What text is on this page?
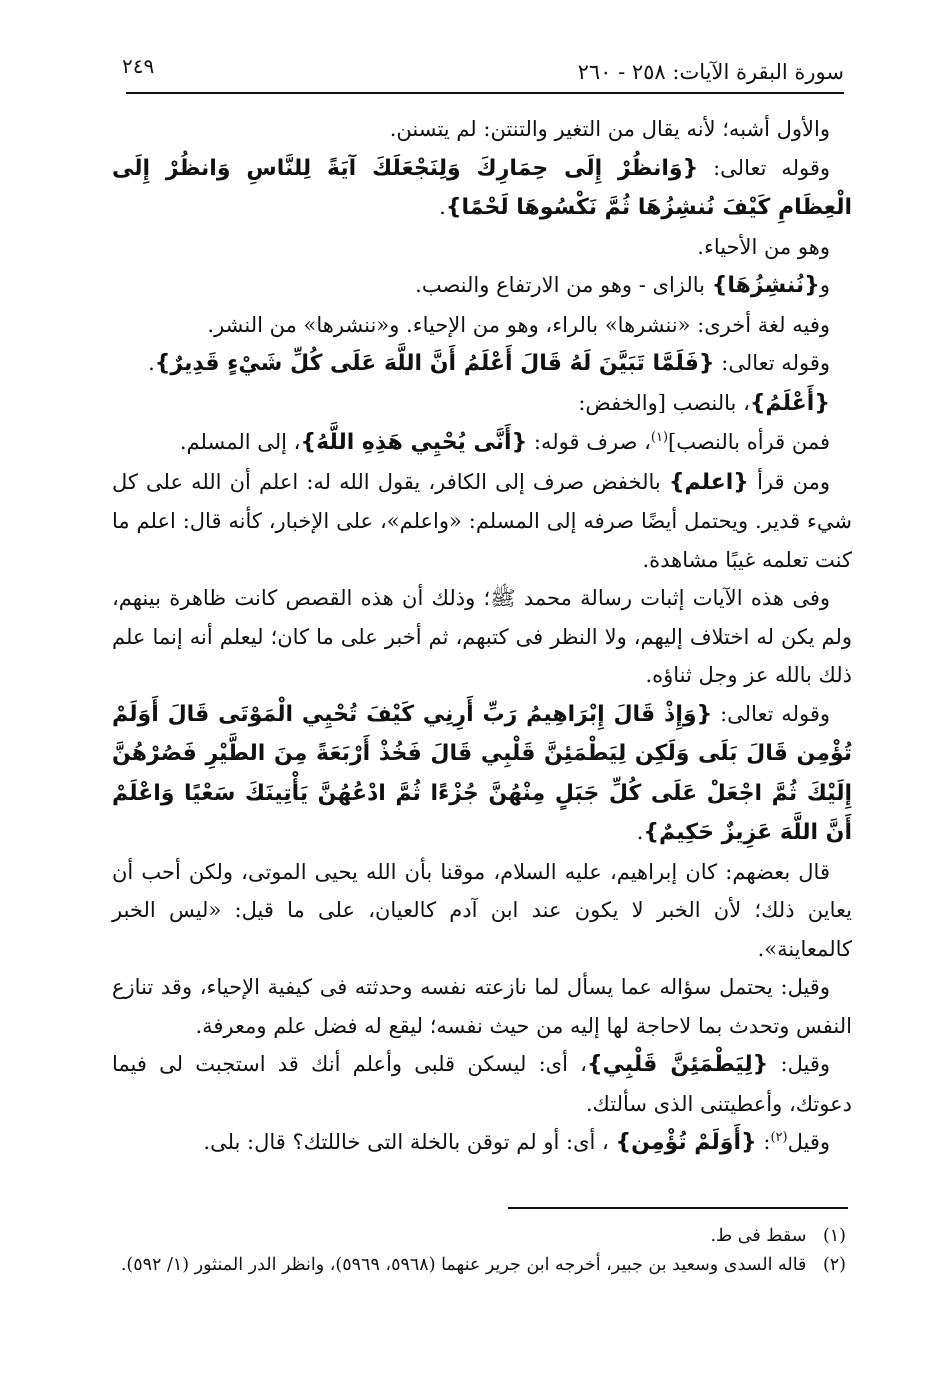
سورة البقرة الآيات: ٢٥٨ - ٢٦٠
٢٤٩

والأول أشبه؛ لأنه يقال من التغير والتنتن: لم يتسنن.

وقوله تعالى: {وَانظُرْ إِلَى حِمَارِكَ وَلِنَجْعَلَكَ آيَةً لِلنَّاسِ وَانظُرْ إِلَى الْعِظَامِ كَيْفَ نُنشِزُهَا ثُمَّ نَكْسُوهَا لَحْمًا}.

وهو من الأحياء.

و{نُنشِزُهَا} بالزاى - وهو من الارتفاع والنصب.

وفيه لغة أخرى: «ننشرها» بالراء، وهو من الإحياء. و«ننشرها» من النشر.

وقوله تعالى: {فَلَمَّا تَبَيَّنَ لَهُ قَالَ أَعْلَمُ أَنَّ اللَّهَ عَلَى كُلِّ شَيْءٍ قَدِيرٌ}.

{أَعْلَمُ}، بالنصب [والخفض:

فمن قرأه بالنصب]$^{(١)}$، صرف قوله: {أَنَّى يُحْيِي هَذِهِ اللَّهُ}، إلى المسلم.

ومن قرأ {اعلم} بالخفض صرف إلى الكافر، يقول الله له: اعلم أن الله على كل شيء قدير. ويحتمل أيضًا صرفه إلى المسلم: «واعلم»، على الإخبار، كأنه قال: اعلم ما كنت تعلمه غيبًا مشاهدة.

وفى هذه الآيات إثبات رسالة محمد ﷺ؛ وذلك أن هذه القصص كانت ظاهرة بينهم، ولم يكن له اختلاف إليهم، ولا النظر فى كتبهم، ثم أخبر على ما كان؛ ليعلم أنه إنما علم ذلك بالله عز وجل ثناؤه.

وقوله تعالى: {وَإِذْ قَالَ إِبْرَاهِيمُ رَبِّ أَرِنِي كَيْفَ تُحْيِي الْمَوْتَى قَالَ أَوَلَمْ تُؤْمِن قَالَ بَلَى وَلَكِن لِيَطْمَئِنَّ قَلْبِي قَالَ فَخُذْ أَرْبَعَةً مِنَ الطَّيْرِ فَصُرْهُنَّ إِلَيْكَ ثُمَّ اجْعَلْ عَلَى كُلِّ جَبَلٍ مِنْهُنَّ جُزْءًا ثُمَّ ادْعُهُنَّ يَأْتِينَكَ سَعْيًا وَاعْلَمْ أَنَّ اللَّهَ عَزِيزٌ حَكِيمٌ}.

قال بعضهم: كان إبراهيم، عليه السلام، موقنا بأن الله يحيى الموتى، ولكن أحب أن يعاين ذلك؛ لأن الخبر لا يكون عند ابن آدم كالعيان، على ما قيل: «ليس الخبر كالمعاينة».

وقيل: يحتمل سؤاله عما يسأل لما نازعته نفسه وحدثته فى كيفية الإحياء، وقد تنازع النفس وتحدث بما لاحاجة لها إليه من حيث نفسه؛ ليقع له فضل علم ومعرفة.

وقيل: {لِيَطْمَئِنَّ قَلْبِي}، أى: ليسكن قلبى وأعلم أنك قد استجبت لى فيما دعوتك، وأعطيتنى الذى سألتك.

وقيل$^{(٢)}$: {أَوَلَمْ تُؤْمِن} ، أى: أو لم توقن بالخلة التى خاللتك؟ قال: بلى.

(١) سقط فى ط.

(٢) قاله السدى وسعيد بن جبير، أخرجه ابن جرير عنهما (٥٩٦٨، ٥٩٦٩)، وانظر الدر المنثور (١/ ٥٩٢).
